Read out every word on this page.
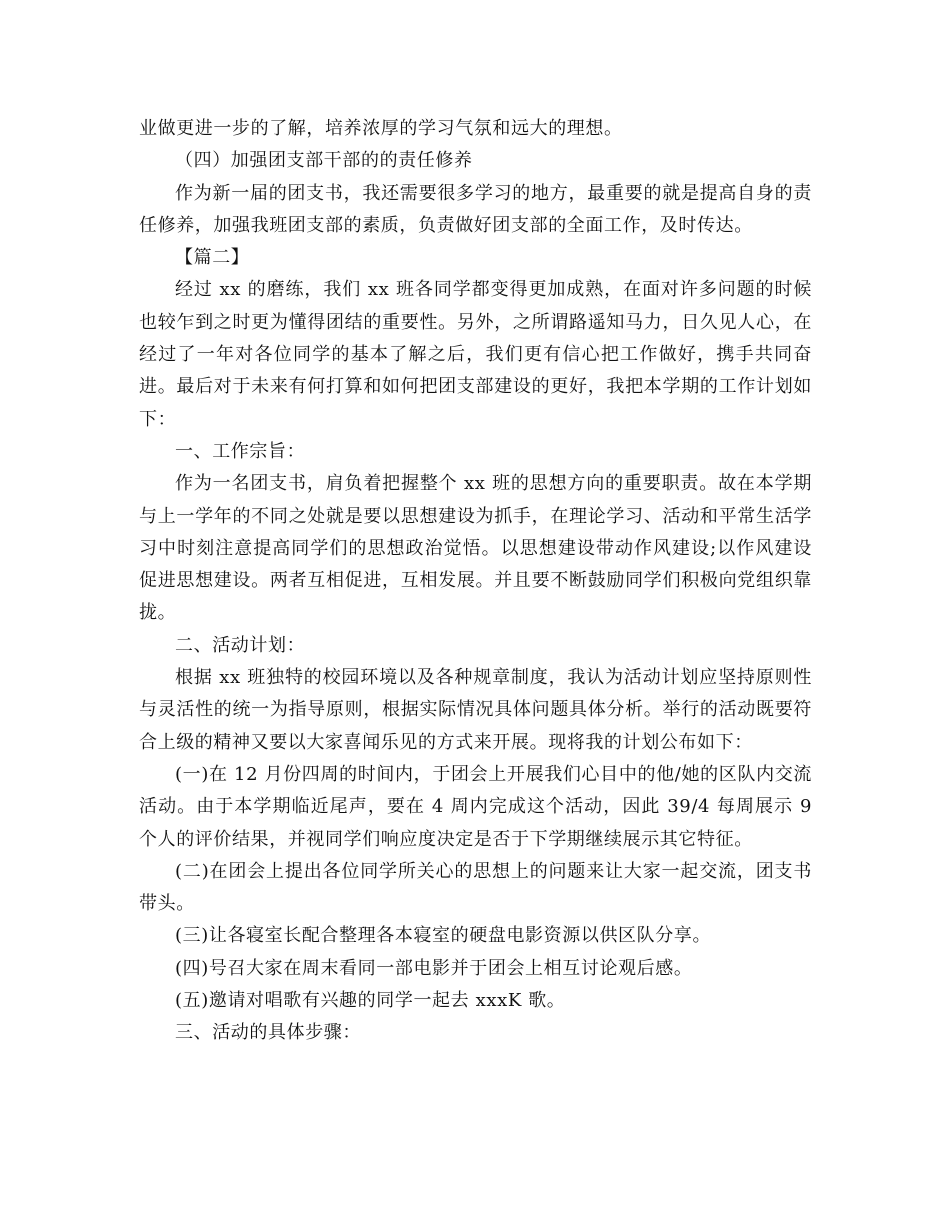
业做更进一步的了解，培养浓厚的学习气氛和远大的理想。

（四）加强团支部干部的的责任修养

作为新一届的团支书，我还需要很多学习的地方，最重要的就是提高自身的责任修养，加强我班团支部的素质，负责做好团支部的全面工作，及时传达。

【篇二】

经过 xx 的磨练，我们 xx 班各同学都变得更加成熟，在面对许多问题的时候也较乍到之时更为懂得团结的重要性。另外，之所谓路遥知马力，日久见人心，在经过了一年对各位同学的基本了解之后，我们更有信心把工作做好，携手共同奋进。最后对于未来有何打算和如何把团支部建设的更好，我把本学期的工作计划如下：

一、工作宗旨：

作为一名团支书，肩负着把握整个 xx 班的思想方向的重要职责。故在本学期与上一学年的不同之处就是要以思想建设为抓手，在理论学习、活动和平常生活学习中时刻注意提高同学们的思想政治觉悟。以思想建设带动作风建设;以作风建设促进思想建设。两者互相促进，互相发展。并且要不断鼓励同学们积极向党组织靠拢。

二、活动计划：

根据 xx 班独特的校园环境以及各种规章制度，我认为活动计划应坚持原则性与灵活性的统一为指导原则，根据实际情况具体问题具体分析。举行的活动既要符合上级的精神又要以大家喜闻乐见的方式来开展。现将我的计划公布如下：

(一)在 12 月份四周的时间内，于团会上开展我们心目中的他/她的区队内交流活动。由于本学期临近尾声，要在 4 周内完成这个活动，因此 39/4 每周展示 9 个人的评价结果，并视同学们响应度决定是否于下学期继续展示其它特征。

(二)在团会上提出各位同学所关心的思想上的问题来让大家一起交流，团支书带头。

(三)让各寝室长配合整理各本寝室的硬盘电影资源以供区队分享。

(四)号召大家在周末看同一部电影并于团会上相互讨论观后感。

(五)邀请对唱歌有兴趣的同学一起去 xxxK 歌。

三、活动的具体步骤：
